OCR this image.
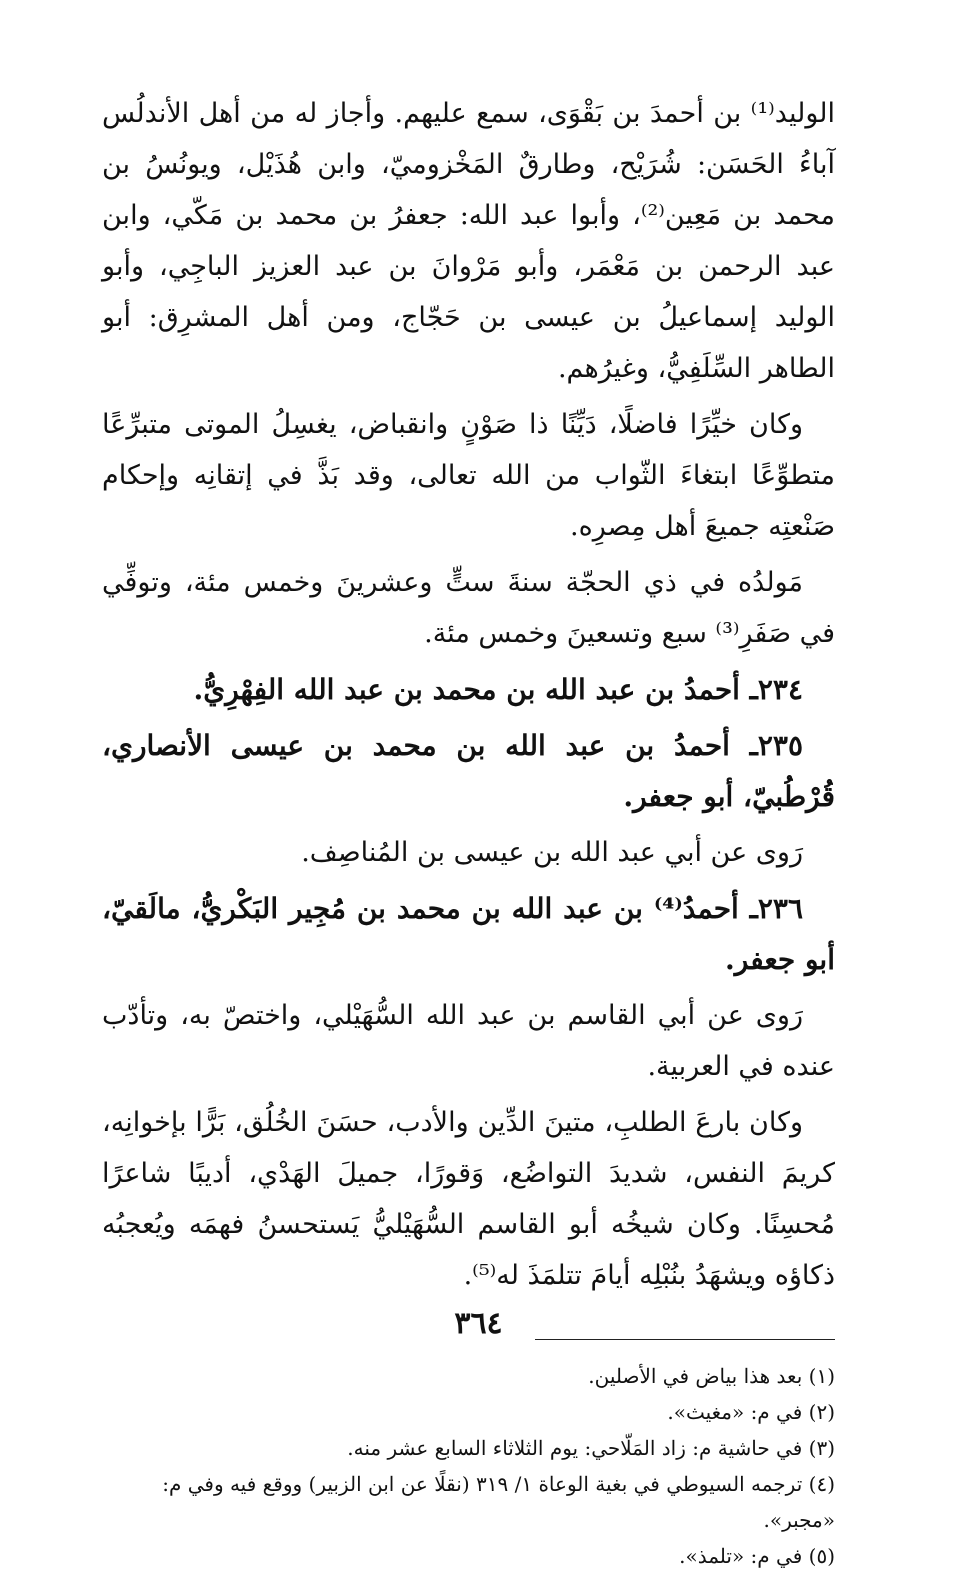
الوليد⁽¹⁾ بن أحمدَ بن بَقْوَى، سمع عليهم. وأجاز له من أهل الأندلُس آباءُ الحَسَن: شُرَيْح، وطارقٌ المَخْزوميّ، وابن هُذَيْل، ويونُسُ بن محمد بن مَعِين⁽²⁾، وأبوا عبد الله: جعفرُ بن محمد بن مَكّي، وابن عبد الرحمن بن مَعْمَر، وأبو مَرْوانَ بن عبد العزيز الباجِي، وأبو الوليد إسماعيلُ بن عيسى بن حَجّاج، ومن أهل المشرِق: أبو الطاهر السِّلَفِيُّ، وغيرُهم.

وكان خيِّرًا فاضلًا، دَيِّنًا ذا صَوْنٍ وانقباض، يغسِلُ الموتى متبرِّعًا متطوِّعًا ابتغاءَ الثّواب من الله تعالى، وقد بَذَّ في إتقانِه وإحكام صَنْعتِه جميعَ أهل مِصرِه.

مَولدُه في ذي الحجّة سنةَ ستٍّ وعشرينَ وخمس مئة، وتوفِّي في صَفَرِ⁽³⁾ سبع وتسعينَ وخمس مئة.

٢٣٤ـ أحمدُ بن عبد الله بن محمد بن عبد الله الفِهْرِيُّ.

٢٣٥ـ أحمدُ بن عبد الله بن محمد بن عيسى الأنصاري، قُرْطُبيّ، أبو جعفر.

رَوى عن أبي عبد الله بن عيسى بن المُناصِف.

٢٣٦ـ أحمدُ⁽⁴⁾ بن عبد الله بن محمد بن مُجِير البَكْريُّ، مالَقيّ، أبو جعفر.

رَوى عن أبي القاسم بن عبد الله السُّهَيْلي، واختصّ به، وتأدّب عنده في العربية.

وكان بارعَ الطلبِ، متينَ الدِّين والأدب، حسَنَ الخُلُق، بَرًّا بإخوانِه، كريمَ النفس، شديدَ التواضُع، وَقورًا، جميلَ الهَدْي، أديبًا شاعرًا مُحسِنًا. وكان شيخُه أبو القاسم السُّهَيْليُّ يَستحسنُ فهمَه ويُعجبُه ذكاؤه ويشهَدُ بنُبْلِه أيامَ تتلمَذَ له⁽⁵⁾.

(١) بعد هذا بياض في الأصلين.

(٢) في م: «مغيث».

(٣) في حاشية م: زاد المَلّاحي: يوم الثلاثاء السابع عشر منه.

(٤) ترجمه السيوطي في بغية الوعاة ١/ ٣١٩ (نقلًا عن ابن الزبير) ووقع فيه وفي م: «مجبر».

(٥) في م: «تلمذ».

٣٦٤
